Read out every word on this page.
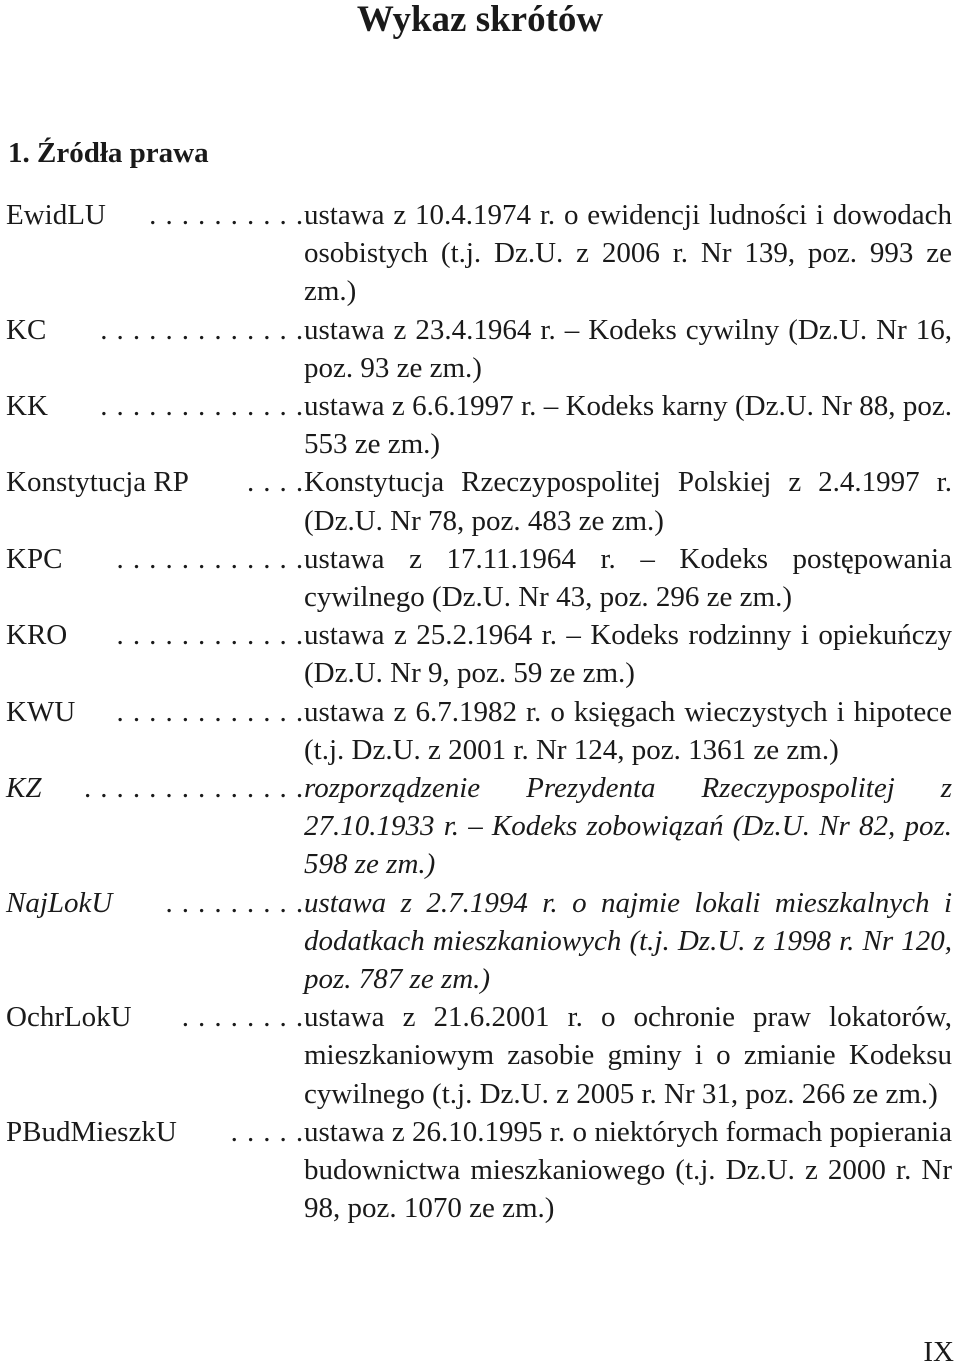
Wykaz skrótów
1. Źródła prawa
EwidLU	. . . . . . . . . . ustawa z 10.4.1974 r. o ewidencji ludności i dowodach osobistych (t.j. Dz.U. z 2006 r. Nr 139, poz. 993 ze zm.)
KC	. . . . . . . . . . . . . ustawa z 23.4.1964 r. – Kodeks cywilny (Dz.U. Nr 16, poz. 93 ze zm.)
KK	. . . . . . . . . . . . . ustawa z 6.6.1997 r. – Kodeks karny (Dz.U. Nr 88, poz. 553 ze zm.)
Konstytucja RP	. . . . Konstytucja Rzeczypospolitej Polskiej z 2.4.1997 r. (Dz.U. Nr 78, poz. 483 ze zm.)
KPC	. . . . . . . . . . . . ustawa z 17.11.1964 r. – Kodeks postępowania cywilnego (Dz.U. Nr 43, poz. 296 ze zm.)
KRO	. . . . . . . . . . . . ustawa z 25.2.1964 r. – Kodeks rodzinny i opiekuńczy (Dz.U. Nr 9, poz. 59 ze zm.)
KWU	. . . . . . . . . . . . ustawa z 6.7.1982 r. o księgach wieczystych i hipotece (t.j. Dz.U. z 2001 r. Nr 124, poz. 1361 ze zm.)
KZ	. . . . . . . . . . . . . . rozporządzenie Prezydenta Rzeczypospolitej z 27.10.1933 r. – Kodeks zobowiązań (Dz.U. Nr 82, poz. 598 ze zm.)
NajLokU	. . . . . . . . . ustawa z 2.7.1994 r. o najmie lokali mieszkalnych i dodatkach mieszkaniowych (t.j. Dz.U. z 1998 r. Nr 120, poz. 787 ze zm.)
OchrLokU	. . . . . . . . ustawa z 21.6.2001 r. o ochronie praw lokatorów, mieszkaniowym zasobie gminy i o zmianie Kodeksu cywilnego (t.j. Dz.U. z 2005 r. Nr 31, poz. 266 ze zm.)
PBudMieszkU	. . . . . ustawa z 26.10.1995 r. o niektórych formach popierania budownictwa mieszkaniowego (t.j. Dz.U. z 2000 r. Nr 98, poz. 1070 ze zm.)
IX
